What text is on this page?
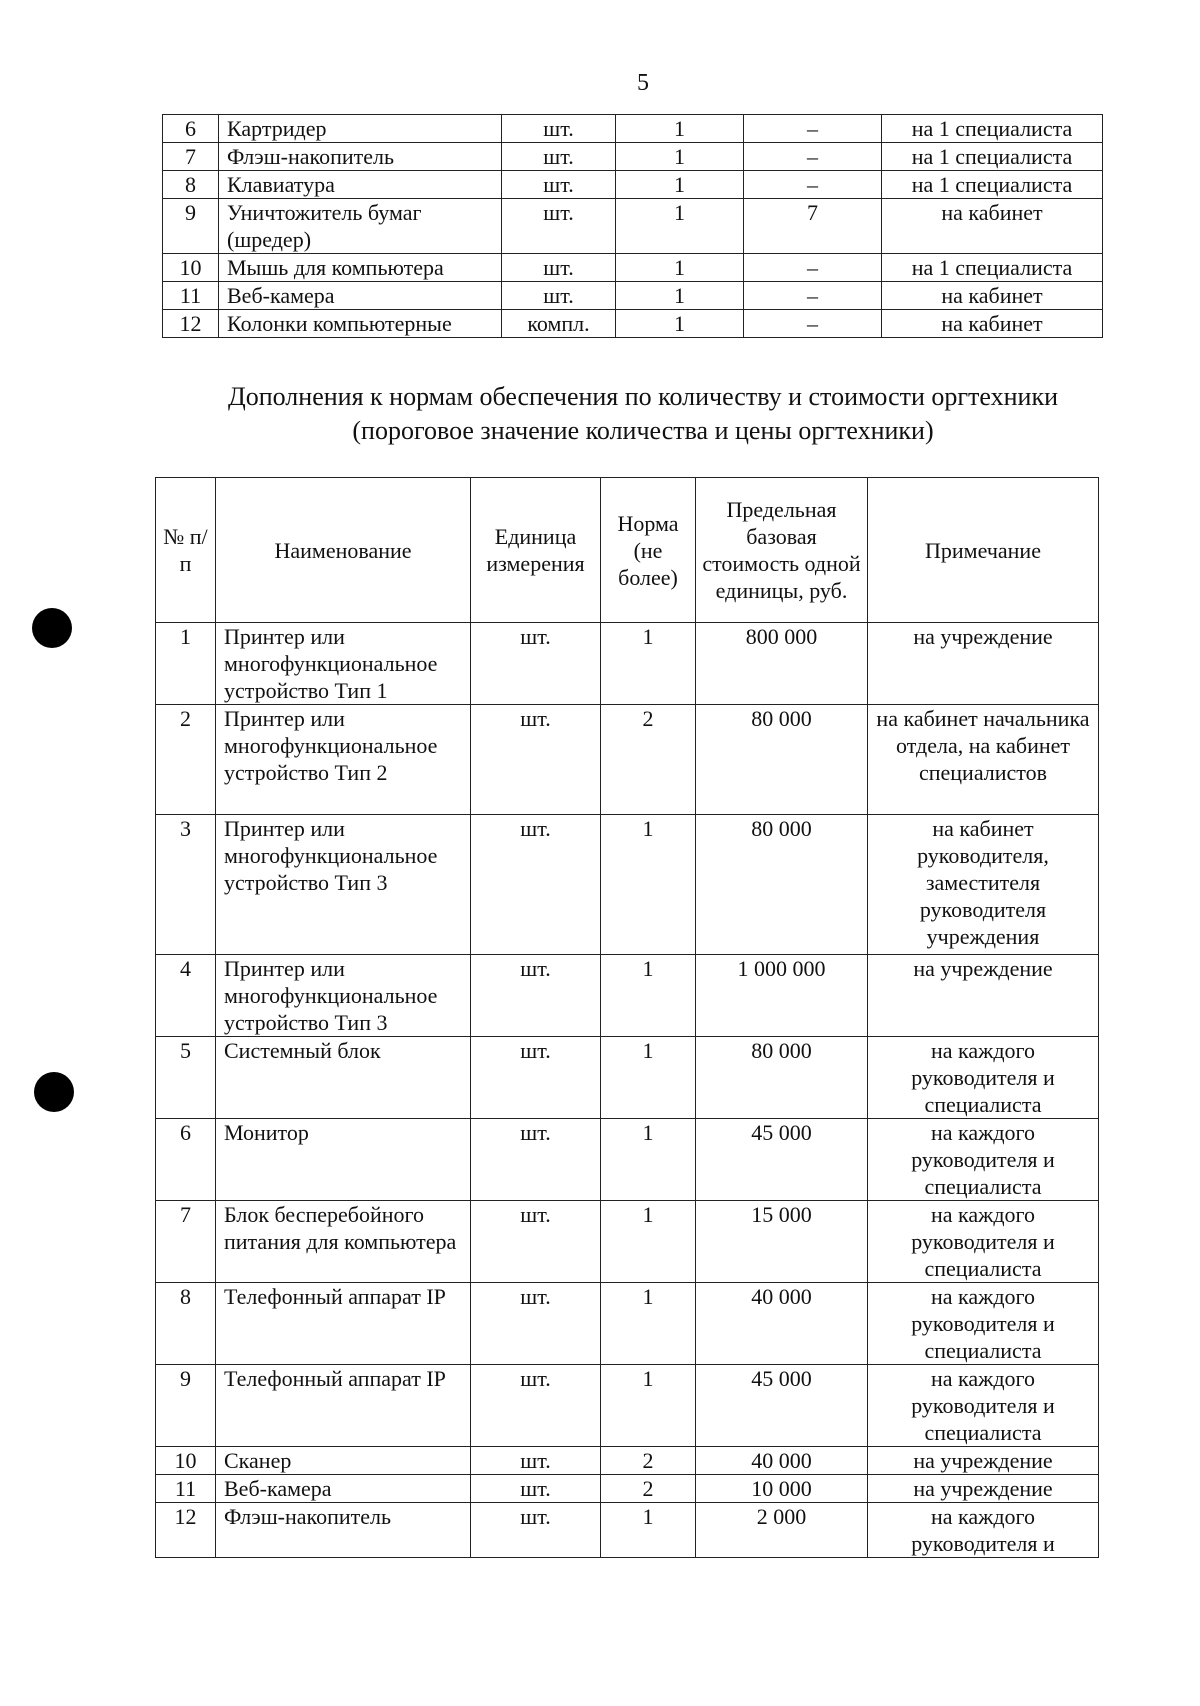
5
6	Картридер	шт.	1	–	на 1 специалиста
7	Флэш-накопитель	шт.	1	–	на 1 специалиста
8	Клавиатура	шт.	1	–	на 1 специалиста
9	Уничтожитель бумаг (шредер)	шт.	1	7	на кабинет
10	Мышь для компьютера	шт.	1	–	на 1 специалиста
11	Веб-камера	шт.	1	–	на кабинет
12	Колонки компьютерные	компл.	1	–	на кабинет
Дополнения к нормам обеспечения по количеству и стоимости оргтехники
(пороговое значение количества и цены оргтехники)
№ п/п	Наименование	Единица измерения	Норма (не более)	Предельная базовая стоимость одной единицы, руб.	Примечание
1	Принтер или многофункциональное устройство Тип 1	шт.	1	800 000	на учреждение
2	Принтер или многофункциональное устройство Тип 2	шт.	2	80 000	на кабинет начальника отдела, на кабинет специалистов
3	Принтер или многофункциональное устройство Тип 3	шт.	1	80 000	на кабинет руководителя, заместителя руководителя учреждения
4	Принтер или многофункциональное устройство Тип 3	шт.	1	1 000 000	на учреждение
5	Системный блок	шт.	1	80 000	на каждого руководителя и специалиста
6	Монитор	шт.	1	45 000	на каждого руководителя и специалиста
7	Блок бесперебойного питания для компьютера	шт.	1	15 000	на каждого руководителя и специалиста
8	Телефонный аппарат IP	шт.	1	40 000	на каждого руководителя и специалиста
9	Телефонный аппарат IP	шт.	1	45 000	на каждого руководителя и специалиста
10	Сканер	шт.	2	40 000	на учреждение
11	Веб-камера	шт.	2	10 000	на учреждение
12	Флэш-накопитель	шт.	1	2 000	на каждого руководителя и
